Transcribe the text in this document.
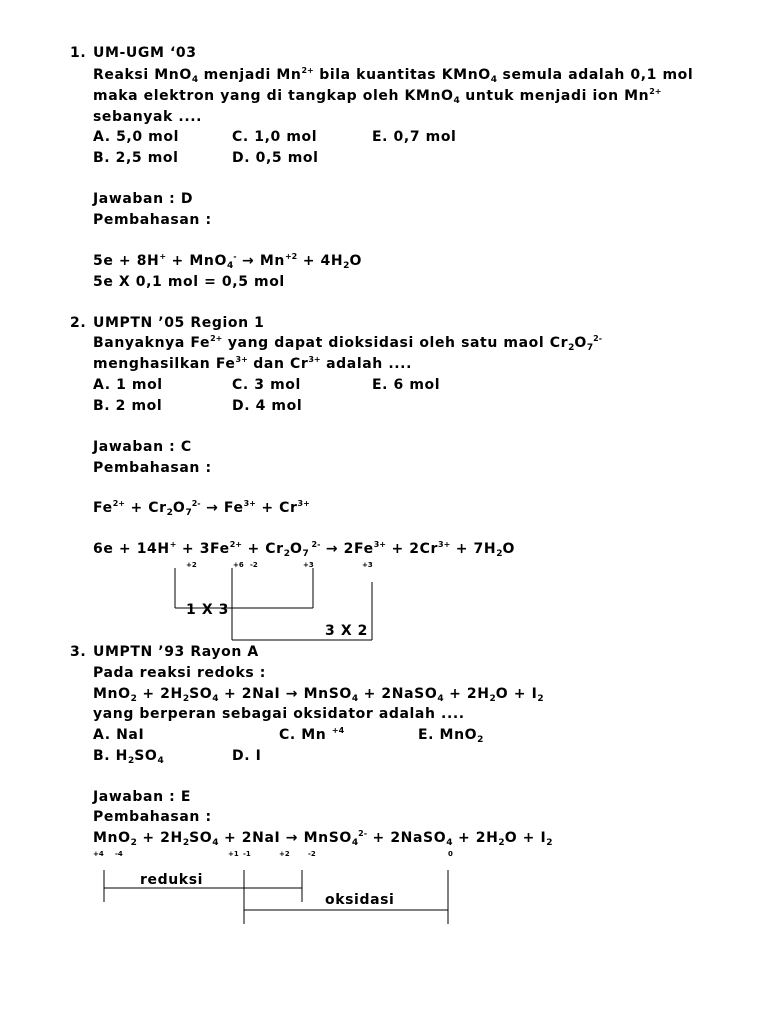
1. UM-UGM ‘03
Reaksi MnO$_4$ menjadi $Mn^{2+}$ bila kuantitas KMnO$_4$ semula adalah 0,1 mol
maka elektron yang di tangkap oleh KMnO$_4$ untuk menjadi ion $Mn^{2+}$
sebanyak ....
A. 5,0 mol	C. 1,0 mol	E. 0,7 mol
B. 2,5 mol	D. 0,5 mol
Jawaban : D
Pembahasan :
$5e + 8H^+ + MnO_4^- \to Mn^{+2} + 4H_2O$
5e X 0,1 mol = 0,5 mol
2. UMPTN ’05 Region 1
Banyaknya $Fe^{2+}$ yang dapat dioksidasi oleh satu maol $Cr_2O_7^{2-}$
menghasilkan $Fe^{3+}$ dan $Cr^{3+}$ adalah ....
A. 1 mol	C. 3 mol	E. 6 mol
B. 2 mol	D. 4 mol
Jawaban : C
Pembahasan :
$Fe^{2+} + Cr_2O_7^{2-} \to Fe^{3+} + Cr^{3+}$
$6e + 14H^+ + 3Fe^{2+} + Cr_2O_7$ $^{2-} \to 2Fe^{3+} + 2Cr^{3+} + 7H_2O$
+2	+6 -2	+3	+3
1 X 3
3 X 2
3. UMPTN ’93 Rayon A
Pada reaksi redoks :
$MnO_2 + 2H_2SO_4 + 2NaI$ → MnSO$_4$ + 2NaSO$_4$ + $2H_2O + I_2$
yang berperan sebagai oksidator adalah ....
A. NaI	C. Mn $^{+4}$	E. MnO$_2$
B. $H_2SO_4$	D. I
Jawaban : E
Pembahasan :
$MnO_2 + 2H_2SO_4 + 2NaI$ → MnSO$_4^{2-}$ + 2NaSO$_4$ + $2H_2O + I_2$
+4 -4	+1 -1	+2	-2	0
reduksi
oksidasi
